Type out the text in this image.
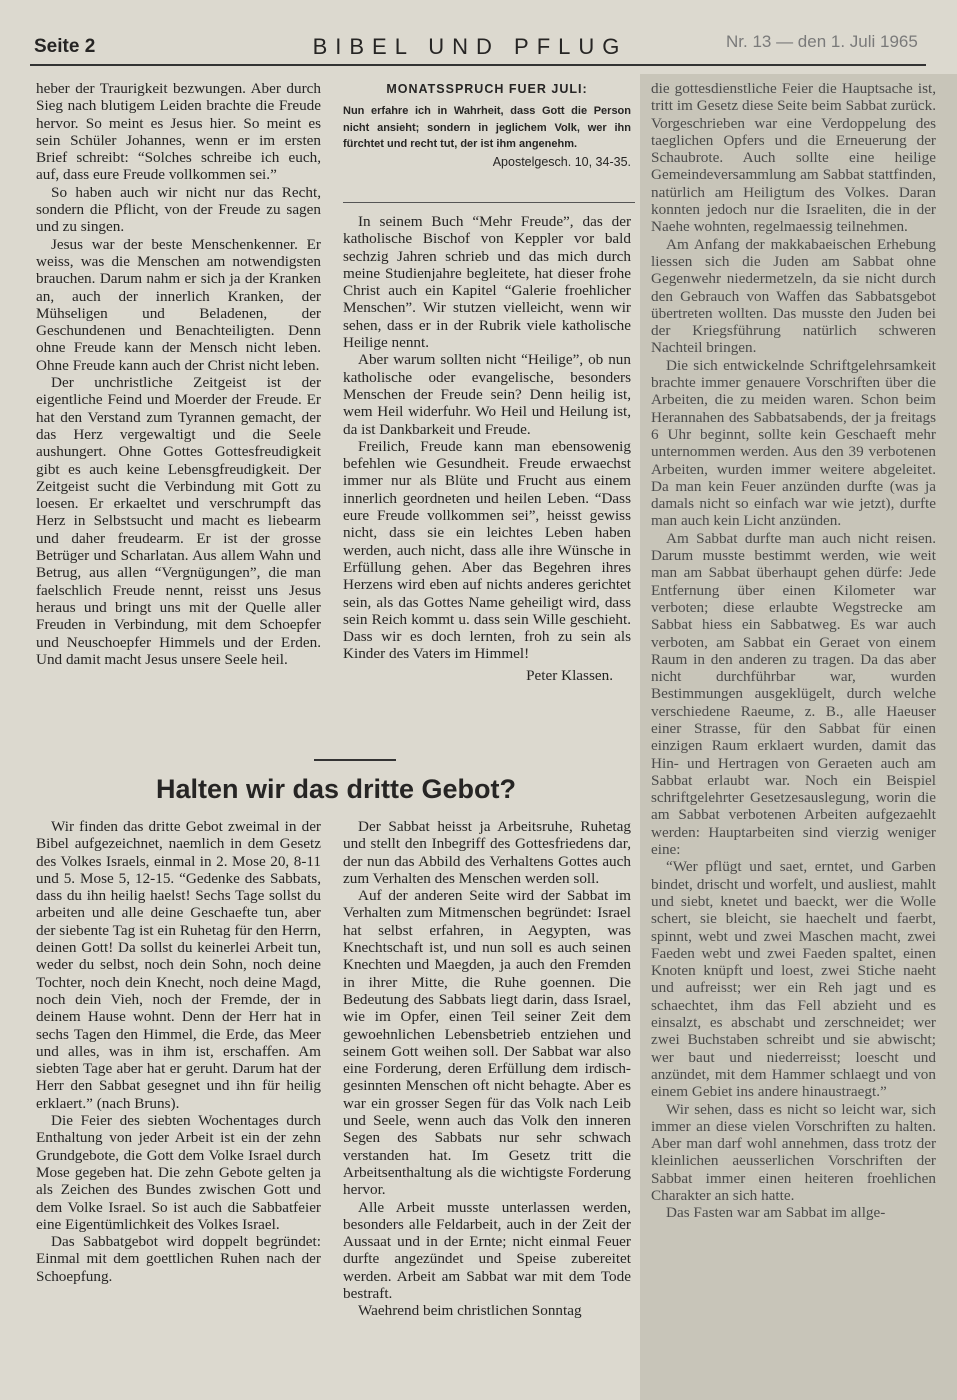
Seite 2	BIBEL UND PFLUG	Nr. 13 — den 1. Juli 1965

heber der Traurigkeit bezwungen. Aber durch Sieg nach blutigem Leiden brachte die Freude hervor. So meint es Jesus hier. So meint es sein Schüler Johannes, wenn er im ersten Brief schreibt: “Solches schreibe ich euch, auf, dass eure Freude vollkommen sei.”

So haben auch wir nicht nur das Recht, sondern die Pflicht, von der Freude zu sagen und zu singen.

Jesus war der beste Menschenkenner. Er weiss, was die Menschen am notwendigsten brauchen. Darum nahm er sich ja der Kranken an, auch der innerlich Kranken, der Mühseligen und Beladenen, der Geschundenen und Benachteiligten. Denn ohne Freude kann der Mensch nicht leben. Ohne Freude kann auch der Christ nicht leben.

Der unchristliche Zeitgeist ist der eigentliche Feind und Moerder der Freude. Er hat den Verstand zum Tyrannen gemacht, der das Herz vergewaltigt und die Seele aushungert. Ohne Gottes Gottesfreudigkeit gibt es auch keine Lebensgfreudigkeit. Der Zeitgeist sucht die Verbindung mit Gott zu loesen. Er erkaeltet und verschrumpft das Herz in Selbstsucht und macht es liebearm und daher freudearm. Er ist der grosse Betrüger und Scharlatan. Aus allem Wahn und Betrug, aus allen “Vergnügungen”, die man faelschlich Freude nennt, reisst uns Jesus heraus und bringt uns mit der Quelle aller Freuden in Verbindung, mit dem Schoepfer und Neuschoepfer Himmels und der Erden. Und damit macht Jesus unsere Seele heil.

MONATSSPRUCH FUER JULI:
Nun erfahre ich in Wahrheit, dass Gott die Person nicht ansieht; sondern in jeglichem Volk, wer ihn fürchtet und recht tut, der ist ihm angenehm.
Apostelgesch. 10, 34-35.

In seinem Buch “Mehr Freude”, das der katholische Bischof von Keppler vor bald sechzig Jahren schrieb und das mich durch meine Studienjahre begleitete, hat dieser frohe Christ auch ein Kapitel “Galerie froehlicher Menschen”. Wir stutzen vielleicht, wenn wir sehen, dass er in der Rubrik viele katholische Heilige nennt.

Aber warum sollten nicht “Heilige”, ob nun katholische oder evangelische, besonders Menschen der Freude sein? Denn heilig ist, wem Heil widerfuhr. Wo Heil und Heilung ist, da ist Dankbarkeit und Freude.

Freilich, Freude kann man ebensowenig befehlen wie Gesundheit. Freude erwaechst immer nur als Blüte und Frucht aus einem innerlich geordneten und heilen Leben. “Dass eure Freude vollkommen sei”, heisst gewiss nicht, dass sie ein leichtes Leben haben werden, auch nicht, dass alle ihre Wünsche in Erfüllung gehen. Aber das Begehren ihres Herzens wird eben auf nichts anderes gerichtet sein, als das Gottes Name geheiligt wird, dass sein Reich kommt u. dass sein Wille geschieht. Dass wir es doch lernten, froh zu sein als Kinder des Vaters im Himmel!

Peter Klassen.

die gottesdienstliche Feier die Hauptsache ist, tritt im Gesetz diese Seite beim Sabbat zurück. Vorgeschrieben war eine Verdoppelung des taeglichen Opfers und die Erneuerung der Schaubrote. Auch sollte eine heilige Gemeindeversammlung am Sabbat stattfinden, natürlich am Heiligtum des Volkes. Daran konnten jedoch nur die Israeliten, die in der Naehe wohnten, regelmaessig teilnehmen.

Am Anfang der makkabaeischen Erhebung liessen sich die Juden am Sabbat ohne Gegenwehr niedermetzeln, da sie nicht durch den Gebrauch von Waffen das Sabbatsgebot übertreten wollten. Das musste den Juden bei der Kriegsführung natürlich schweren Nachteil bringen.

Die sich entwickelnde Schriftgelehrsamkeit brachte immer genauere Vorschriften über die Arbeiten, die zu meiden waren. Schon beim Herannahen des Sabbatsabends, der ja freitags 6 Uhr beginnt, sollte kein Geschaeft mehr unternommen werden. Aus den 39 verbotenen Arbeiten, wurden immer weitere abgeleitet. Da man kein Feuer anzünden durfte (was ja damals nicht so einfach war wie jetzt), durfte man auch kein Licht anzünden.

Am Sabbat durfte man auch nicht reisen. Darum musste bestimmt werden, wie weit man am Sabbat überhaupt gehen dürfe: Jede Entfernung über einen Kilometer war verboten; diese erlaubte Wegstrecke am Sabbat hiess ein Sabbatweg. Es war auch verboten, am Sabbat ein Geraet von einem Raum in den anderen zu tragen. Da das aber nicht durchführbar war, wurden Bestimmungen ausgeklügelt, durch welche verschiedene Raeume, z. B., alle Haeuser einer Strasse, für den Sabbat für einen einzigen Raum erklaert wurden, damit das Hin- und Hertragen von Geraeten auch am Sabbat erlaubt war. Noch ein Beispiel schriftgelehrter Gesetzesauslegung, worin die am Sabbat verbotenen Arbeiten aufgezaehlt werden: Hauptarbeiten sind vierzig weniger eine:

“Wer pflügt und saet, erntet, und Garben bindet, drischt und worfelt, und ausliest, mahlt und siebt, knetet und baeckt, wer die Wolle schert, sie bleicht, sie haechelt und faerbt, spinnt, webt und zwei Maschen macht, zwei Faeden webt und zwei Faeden spaltet, einen Knoten knüpft und loest, zwei Stiche naeht und aufreisst; wer ein Reh jagt und es schaechtet, ihm das Fell abzieht und es einsalzt, es abschabt und zerschneidet; wer zwei Buchstaben schreibt und sie abwischt; wer baut und niederreisst; loescht und anzündet, mit dem Hammer schlaegt und von einem Gebiet ins andere hinaustraegt.”

Wir sehen, dass es nicht so leicht war, sich immer an diese vielen Vorschriften zu halten. Aber man darf wohl annehmen, dass trotz der kleinlichen aeusserlichen Vorschriften der Sabbat immer einen heiteren froehlichen Charakter an sich hatte.

Das Fasten war am Sabbat im allge-

Halten wir das dritte Gebot?

Wir finden das dritte Gebot zweimal in der Bibel aufgezeichnet, naemlich in dem Gesetz des Volkes Israels, einmal in 2. Mose 20, 8-11 und 5. Mose 5, 12-15. “Gedenke des Sabbats, dass du ihn heilig haelst! Sechs Tage sollst du arbeiten und alle deine Geschaefte tun, aber der siebente Tag ist ein Ruhetag für den Herrn, deinen Gott! Da sollst du keinerlei Arbeit tun, weder du selbst, noch dein Sohn, noch deine Tochter, noch dein Knecht, noch deine Magd, noch dein Vieh, noch der Fremde, der in deinem Hause wohnt. Denn der Herr hat in sechs Tagen den Himmel, die Erde, das Meer und alles, was in ihm ist, erschaffen. Am siebten Tage aber hat er geruht. Darum hat der Herr den Sabbat gesegnet und ihn für heilig erklaert.” (nach Bruns).

Die Feier des siebten Wochentages durch Enthaltung von jeder Arbeit ist ein der zehn Grundgebote, die Gott dem Volke Israel durch Mose gegeben hat. Die zehn Gebote gelten ja als Zeichen des Bundes zwischen Gott und dem Volke Israel. So ist auch die Sabbatfeier eine Eigentümlichkeit des Volkes Israel.

Das Sabbatgebot wird doppelt begründet: Einmal mit dem goettlichen Ruhen nach der Schoepfung.

Der Sabbat heisst ja Arbeitsruhe, Ruhetag und stellt den Inbegriff des Gottesfriedens dar, der nun das Abbild des Verhaltens Gottes auch zum Verhalten des Menschen werden soll.

Auf der anderen Seite wird der Sabbat im Verhalten zum Mitmenschen begründet: Israel hat selbst erfahren, in Aegypten, was Knechtschaft ist, und nun soll es auch seinen Knechten und Maegden, ja auch den Fremden in ihrer Mitte, die Ruhe goennen. Die Bedeutung des Sabbats liegt darin, dass Israel, wie im Opfer, einen Teil seiner Zeit dem gewoehnlichen Lebensbetrieb entziehen und seinem Gott weihen soll. Der Sabbat war also eine Forderung, deren Erfüllung dem irdisch-gesinnten Menschen oft nicht behagte. Aber es war ein grosser Segen für das Volk nach Leib und Seele, wenn auch das Volk den inneren Segen des Sabbats nur sehr schwach verstanden hat. Im Gesetz tritt die Arbeitsenthaltung als die wichtigste Forderung hervor.

Alle Arbeit musste unterlassen werden, besonders alle Feldarbeit, auch in der Zeit der Aussaat und in der Ernte; nicht einmal Feuer durfte angezündet und Speise zubereitet werden. Arbeit am Sabbat war mit dem Tode bestraft.

Waehrend beim christlichen Sonntag
